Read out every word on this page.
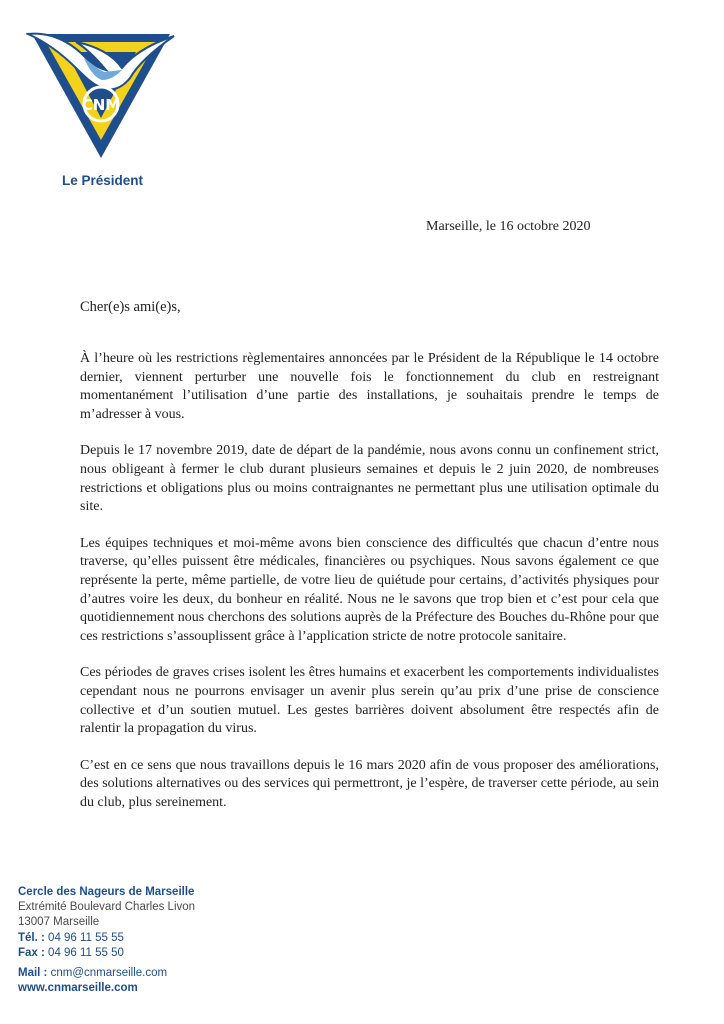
CNM
Le Président
Marseille, le 16 octobre 2020
Cher(e)s ami(e)s,

À l’heure où les restrictions règlementaires annoncées par le Président de la République le 14 octobre dernier, viennent perturber une nouvelle fois le fonctionnement du club en restreignant momentanément l’utilisation d’une partie des installations, je souhaitais prendre le temps de m’adresser à vous.

Depuis le 17 novembre 2019, date de départ de la pandémie, nous avons connu un confinement strict, nous obligeant à fermer le club durant plusieurs semaines et depuis le 2 juin 2020, de nombreuses restrictions et obligations plus ou moins contraignantes ne permettant plus une utilisation optimale du site.

Les équipes techniques et moi-même avons bien conscience des difficultés que chacun d’entre nous traverse, qu’elles puissent être médicales, financières ou psychiques. Nous savons également ce que représente la perte, même partielle, de votre lieu de quiétude pour certains, d’activités physiques pour d’autres voire les deux, du bonheur en réalité. Nous ne le savons que trop bien et c’est pour cela que quotidiennement nous cherchons des solutions auprès de la Préfecture des Bouches du-Rhône pour que ces restrictions s’assouplissent grâce à l’application stricte de notre protocole sanitaire.

Ces périodes de graves crises isolent les êtres humains et exacerbent les comportements individualistes cependant nous ne pourrons envisager un avenir plus serein qu’au prix d’une prise de conscience collective et d’un soutien mutuel. Les gestes barrières doivent absolument être respectés afin de ralentir la propagation du virus.

C’est en ce sens que nous travaillons depuis le 16 mars 2020 afin de vous proposer des améliorations, des solutions alternatives ou des services qui permettront, je l’espère, de traverser cette période, au sein du club, plus sereinement.

Cercle des Nageurs de Marseille
Extrémité Boulevard Charles Livon
13007 Marseille
Tél. : 04 96 11 55 55
Fax : 04 96 11 55 50
Mail : cnm@cnmarseille.com
www.cnmarseille.com
